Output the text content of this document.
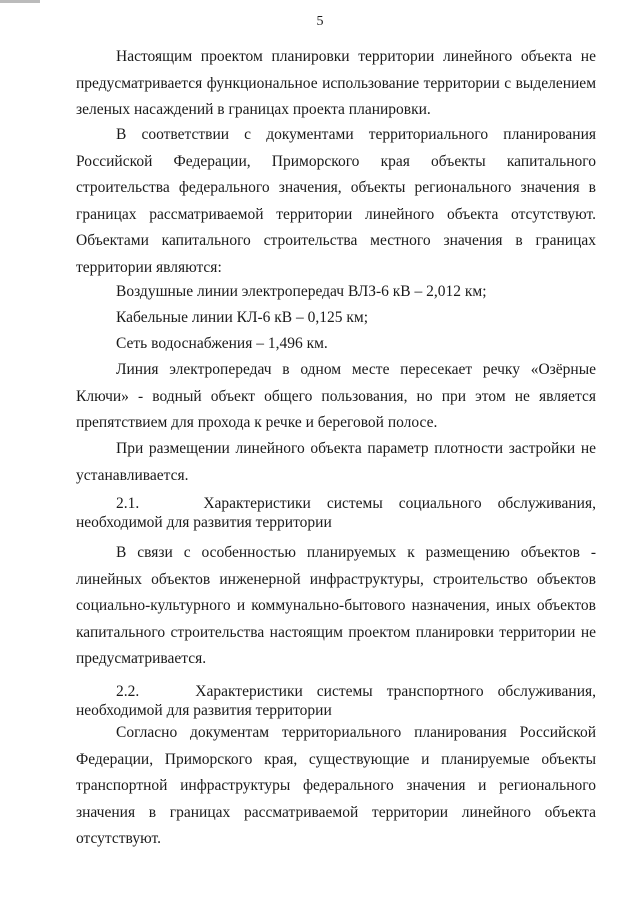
5

Настоящим проектом планировки территории линейного объекта не предусматривается функциональное использование территории с выделением зеленых насаждений в границах проекта планировки.

В соответствии с документами территориального планирования Российской Федерации, Приморского края объекты капитального строительства федерального значения, объекты регионального значения в границах рассматриваемой территории линейного объекта отсутствуют. Объектами капитального строительства местного значения в границах территории являются:

Воздушные линии электропередач ВЛЗ-6 кВ – 2,012 км;

Кабельные линии КЛ-6 кВ – 0,125 км;

Сеть водоснабжения – 1,496 км.

Линия электропередач в одном месте пересекает речку «Озёрные Ключи» - водный объект общего пользования, но при этом не является препятствием для прохода к речке и береговой полосе.

При размещении линейного объекта параметр плотности застройки не устанавливается.

2.1.    Характеристики системы социального обслуживания, необходимой для развития территории

В связи с особенностью планируемых к размещению объектов - линейных объектов инженерной инфраструктуры, строительство объектов социально-культурного и коммунально-бытового назначения, иных объектов капитального строительства настоящим проектом планировки территории не предусматривается.

2.2.    Характеристики системы транспортного обслуживания, необходимой для развития территории

Согласно документам территориального планирования Российской Федерации, Приморского края, существующие и планируемые объекты транспортной инфраструктуры федерального значения и регионального значения в границах рассматриваемой территории линейного объекта отсутствуют.
